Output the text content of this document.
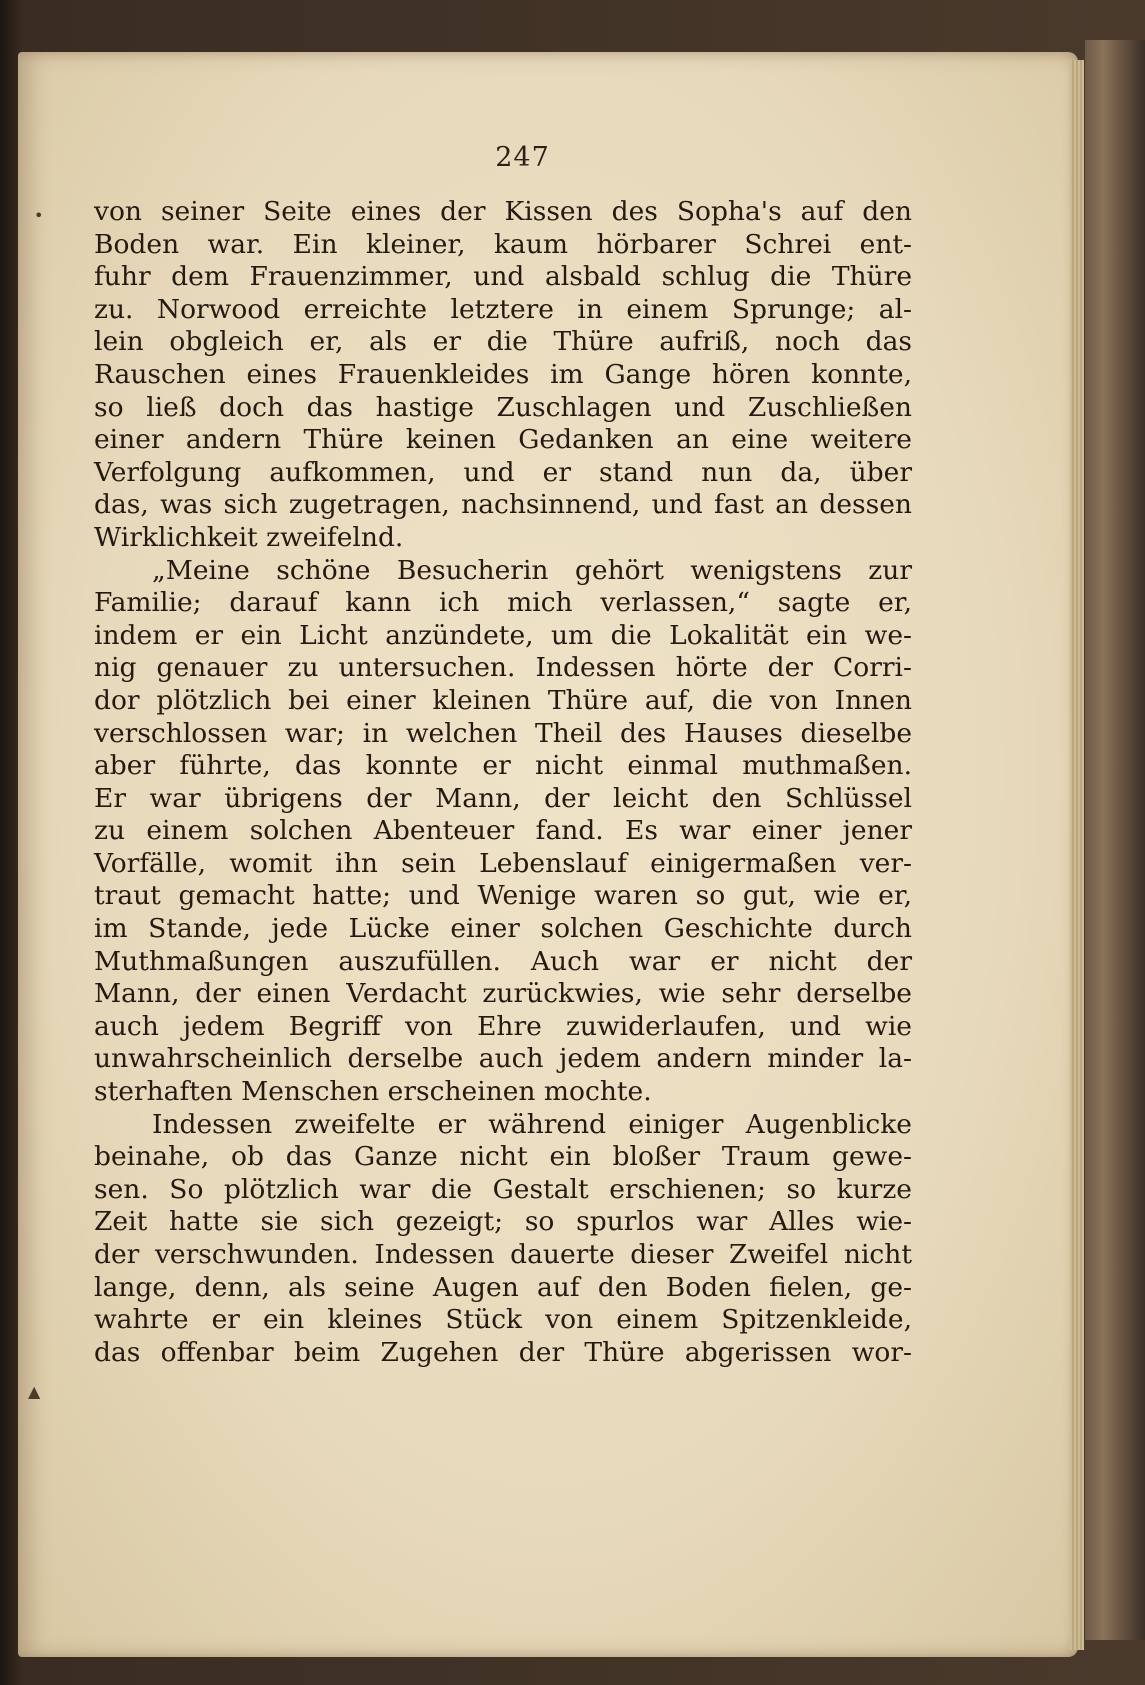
•
▲
247
von seiner Seite eines der Kissen des Sopha's auf den
Boden war. Ein kleiner, kaum hörbarer Schrei ent-
fuhr dem Frauenzimmer, und alsbald schlug die Thüre
zu. Norwood erreichte letztere in einem Sprunge; al-
lein obgleich er, als er die Thüre aufriß, noch das
Rauschen eines Frauenkleides im Gange hören konnte,
so ließ doch das hastige Zuschlagen und Zuschließen
einer andern Thüre keinen Gedanken an eine weitere
Verfolgung aufkommen, und er stand nun da, über
das, was sich zugetragen, nachsinnend, und fast an dessen
Wirklichkeit zweifelnd.
„Meine schöne Besucherin gehört wenigstens zur
Familie; darauf kann ich mich verlassen,“ sagte er,
indem er ein Licht anzündete, um die Lokalität ein we-
nig genauer zu untersuchen. Indessen hörte der Corri-
dor plötzlich bei einer kleinen Thüre auf, die von Innen
verschlossen war; in welchen Theil des Hauses dieselbe
aber führte, das konnte er nicht einmal muthmaßen.
Er war übrigens der Mann, der leicht den Schlüssel
zu einem solchen Abenteuer fand. Es war einer jener
Vorfälle, womit ihn sein Lebenslauf einigermaßen ver-
traut gemacht hatte; und Wenige waren so gut, wie er,
im Stande, jede Lücke einer solchen Geschichte durch
Muthmaßungen auszufüllen. Auch war er nicht der
Mann, der einen Verdacht zurückwies, wie sehr derselbe
auch jedem Begriff von Ehre zuwiderlaufen, und wie
unwahrscheinlich derselbe auch jedem andern minder la-
sterhaften Menschen erscheinen mochte.
Indessen zweifelte er während einiger Augenblicke
beinahe, ob das Ganze nicht ein bloßer Traum gewe-
sen. So plötzlich war die Gestalt erschienen; so kurze
Zeit hatte sie sich gezeigt; so spurlos war Alles wie-
der verschwunden. Indessen dauerte dieser Zweifel nicht
lange, denn, als seine Augen auf den Boden fielen, ge-
wahrte er ein kleines Stück von einem Spitzenkleide,
das offenbar beim Zugehen der Thüre abgerissen wor-
